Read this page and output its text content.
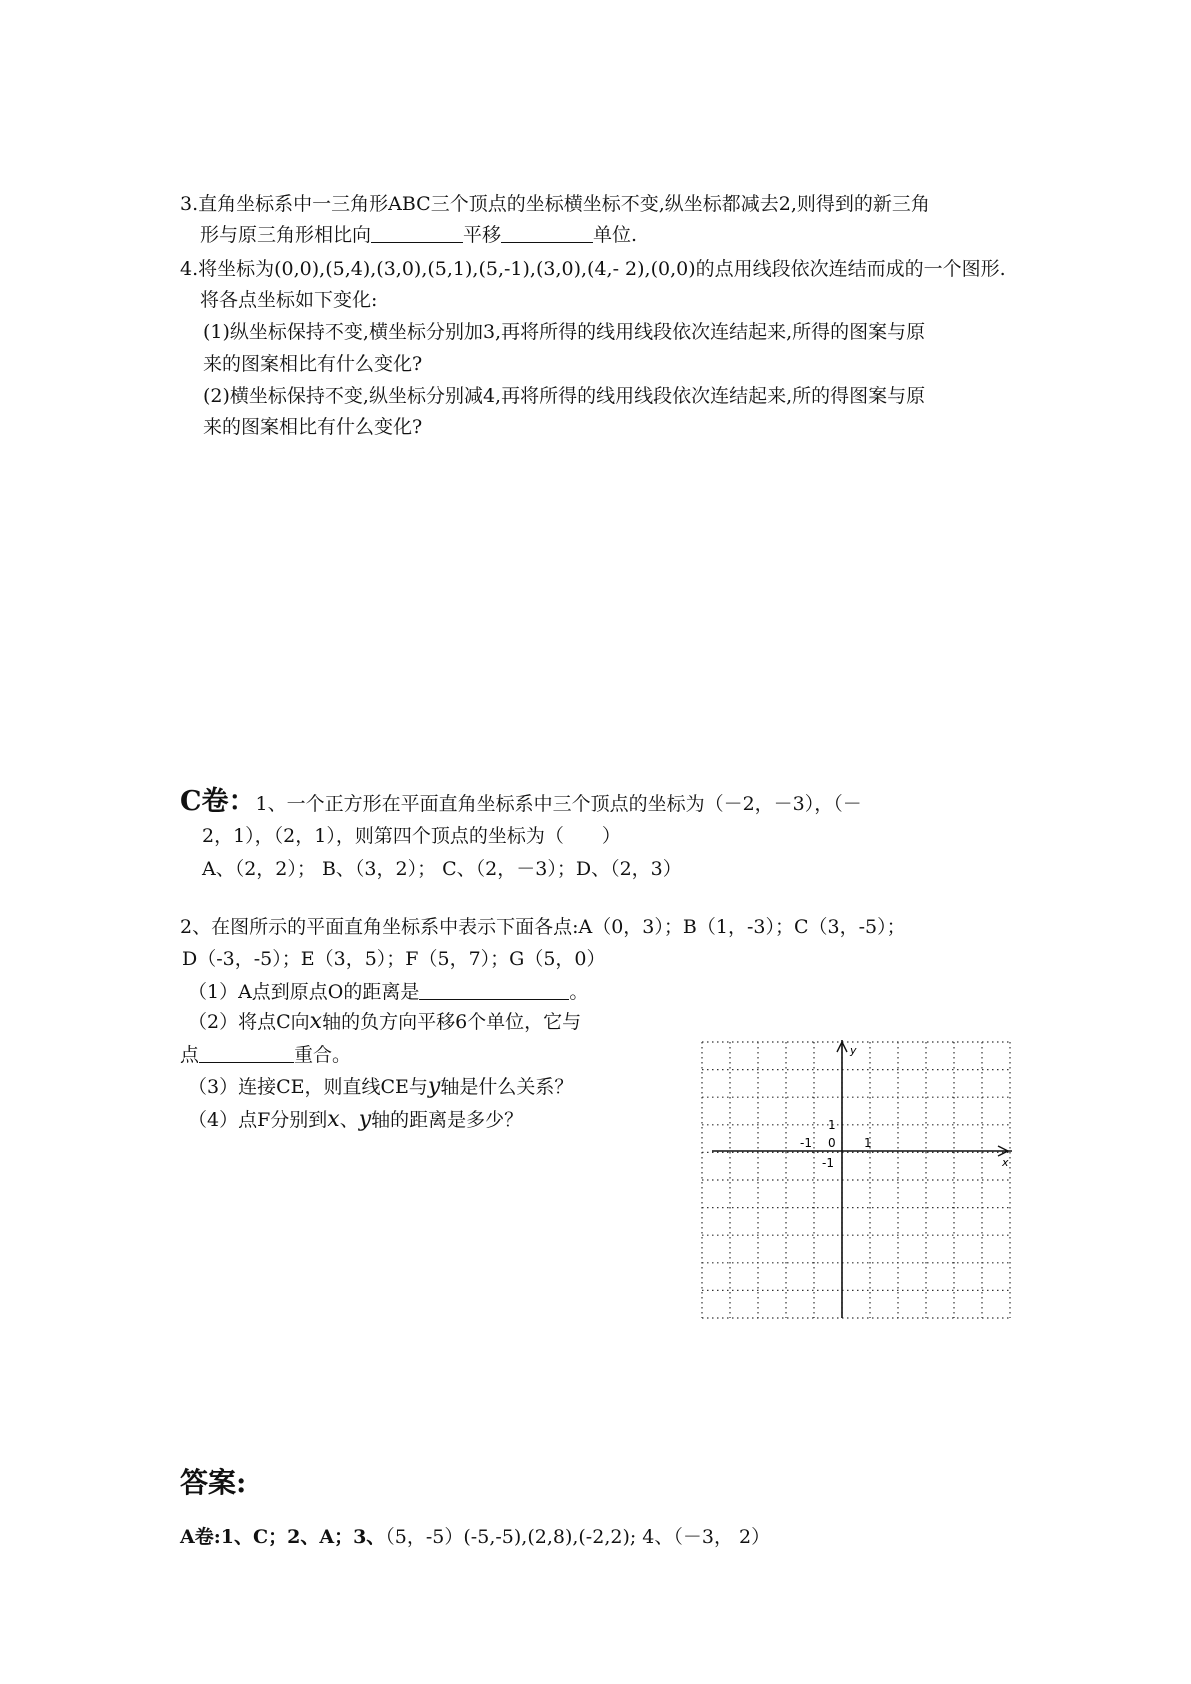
3.直角坐标系中一三角形ABC三个顶点的坐标横坐标不变,纵坐标都减去2,则得到的新三角
形与原三角形相比向	平移	单位.
4.将坐标为(0,0),(5,4),(3,0),(5,1),(5,-1),(3,0),(4,- 2),(0,0)的点用线段依次连结而成的一个图形.
将各点坐标如下变化:
(1)纵坐标保持不变,横坐标分别加3,再将所得的线用线段依次连结起来,所得的图案与原
来的图案相比有什么变化?
(2)横坐标保持不变,纵坐标分别减4,再将所得的线用线段依次连结起来,所的得图案与原
来的图案相比有什么变化?
C卷：1、一个正方形在平面直角坐标系中三个顶点的坐标为（－2，－3），（－
2，1），（2，1），则第四个顶点的坐标为（　　）
A、（2，2）； B、（3，2）； C、（2，－3）；D、（2，3）
2、在图所示的平面直角坐标系中表示下面各点:A（0，3）；B（1，-3）；C（3，-5）；
D（-3，-5）；E（3，5）；F（5，7）；G（5，0）
（1）A点到原点O的距离是	。
（2）将点C向x轴的负方向平移6个单位，它与
点	重合。
（3）连接CE，则直线CE与y轴是什么关系？
（4）点F分别到x、y轴的距离是多少？
y
x
1
-1 0 1
-1
答案:
A卷:1、C；2、A；3、（5，-5）(-5,-5),(2,8),(-2,2); 4、（－3， 2）
